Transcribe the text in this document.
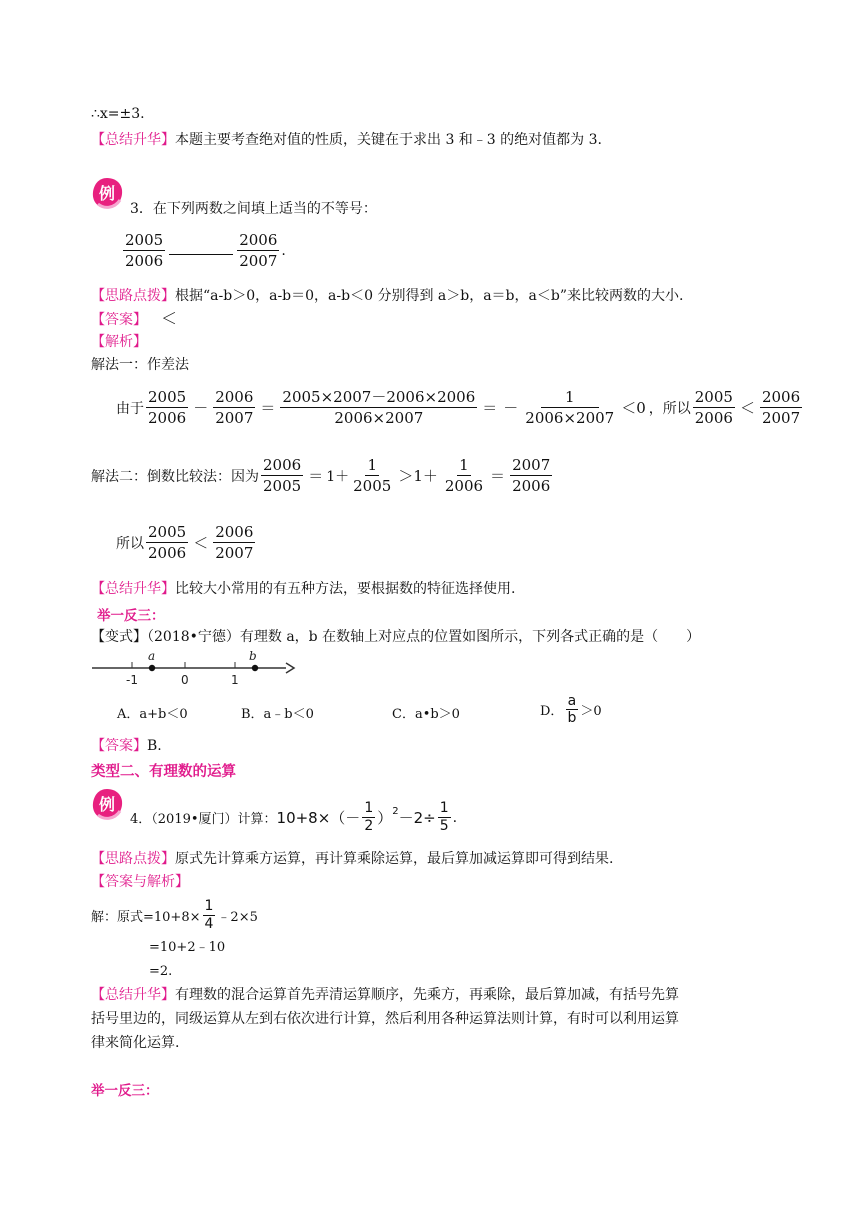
∴x=±3.
【总结升华】本题主要考查绝对值的性质，关键在于求出 3 和﹣3 的绝对值都为 3.
例
3．在下列两数之间填上适当的不等号：
$\frac{2005}{2006}$	$\frac{2006}{2007}$ .
【思路点拨】根据“a-b＞0，a-b＝0，a-b＜0 分别得到 a＞b，a＝b，a＜b”来比较两数的大小.
【答案】 ＜
【解析】
解法一：作差法
由于 $\frac{2005}{2006} - \frac{2006}{2007} = \frac{2005\times 2007-2006\times 2006}{2006\times 2007}$ ＝ － $\frac{1}{2006\times 2007} <0$ ，所以 $\frac{2005}{2006} < \frac{2006}{2007}$
解法二：倒数比较法：因为 $\frac{2006}{2005} = 1+ \frac{1}{2005} >1+ \frac{1}{2006} = \frac{2007}{2006}$
所以 $\frac{2005}{2006} < \frac{2006}{2007}$
【总结升华】比较大小常用的有五种方法，要根据数的特征选择使用.
举一反三：
【变式】（2018•宁德）有理数 a，b 在数轴上对应点的位置如图所示，下列各式正确的是（　　）
a	b
-1	0	1
A．a+b＜0	B．a﹣b＜0	C．a•b＞0	D． $\frac{a}{b} >0$
【答案】B.
类型二、有理数的运算
例
4．（2019•厦门）计算： $10+8\times(- \frac{1}{2} )^2 -2\div \frac{1}{5}$ .
【思路点拨】原式先计算乘方运算，再计算乘除运算，最后算加减运算即可得到结果.
【答案与解析】
解：原式$=10+8\times \frac{1}{4}$ ﹣2×5
=10+2﹣10
=2.
【总结升华】有理数的混合运算首先弄清运算顺序，先乘方，再乘除，最后算加减，有括号先算
括号里边的，同级运算从左到右依次进行计算，然后利用各种运算法则计算，有时可以利用运算
律来简化运算.
举一反三：
